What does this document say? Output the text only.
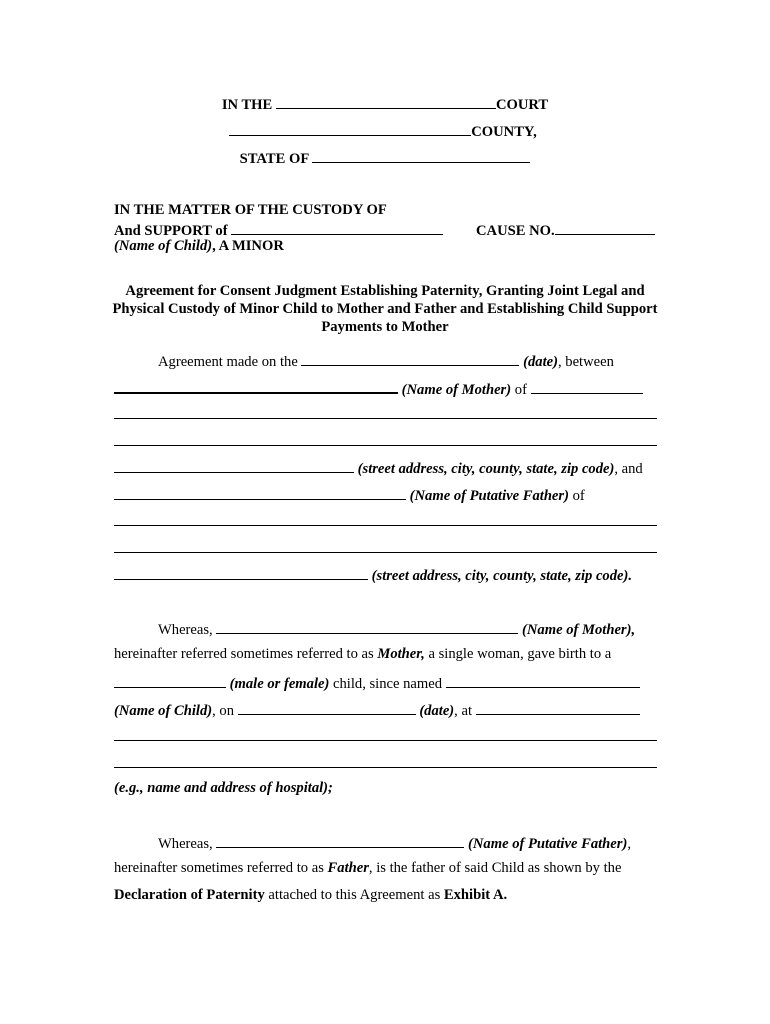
IN THE	COURT
COUNTY,
STATE OF
IN THE MATTER OF THE CUSTODY OF
And SUPPORT of	CAUSE NO.
(Name of Child), A MINOR
Agreement for Consent Judgment Establishing Paternity, Granting Joint Legal and Physical Custody of Minor Child to Mother and Father and Establishing Child Support Payments to Mother
Agreement made on the	(date), between
(Name of Mother) of
(street address, city, county, state, zip code), and
(Name of Putative Father) of
(street address, city, county, state, zip code).
Whereas,	(Name of Mother),
hereinafter referred sometimes referred to as Mother, a single woman, gave birth to a
(male or female) child, since named
(Name of Child), on	(date), at
(e.g., name and address of hospital);
Whereas,	(Name of Putative Father),
hereinafter sometimes referred to as Father, is the father of said Child as shown by the
Declaration of Paternity attached to this Agreement as Exhibit A.
